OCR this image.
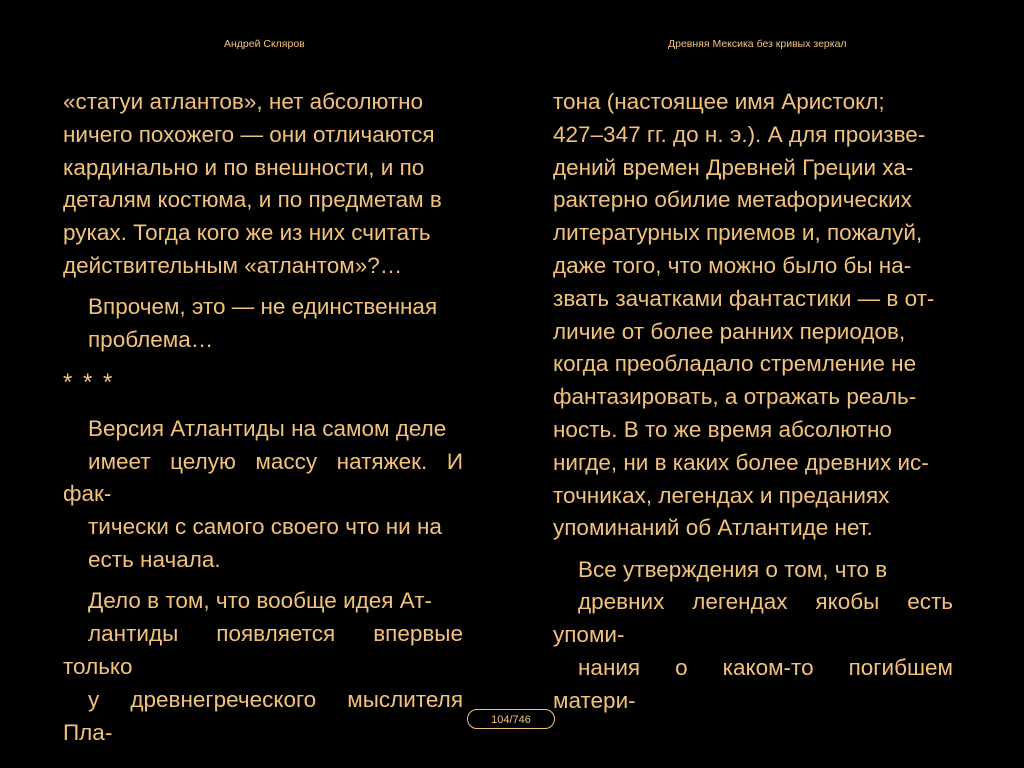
Андрей Скляров	Древняя Мексика без кривых зеркал

«статуи атлантов», нет абсолютно
ничего похожего — они отличаются
кардинально и по внешности, и по
деталям костюма, и по предметам в
руках. Тогда кого же из них считать
действительным «атлантом»?…

Впрочем, это — не единственная
проблема…

* * *

Версия Атлантиды на самом деле
имеет целую массу натяжек. И фак-
тически с самого своего что ни на
есть начала.

Дело в том, что вообще идея Ат-
лантиды появляется впервые только
у древнегреческого мыслителя Пла-

тона (настоящее имя Аристокл;
427–347 гг. до н. э.). А для произве-
дений времен Древней Греции ха-
рактерно обилие метафорических
литературных приемов и, пожалуй,
даже того, что можно было бы на-
звать зачатками фантастики — в от-
личие от более ранних периодов,
когда преобладало стремление не
фантазировать, а отражать реаль-
ность. В то же время абсолютно
нигде, ни в каких более древних ис-
точниках, легендах и преданиях
упоминаний об Атлантиде нет.

Все утверждения о том, что в
древних легендах якобы есть упоми-
нания о каком-то погибшем матери-

104/746
